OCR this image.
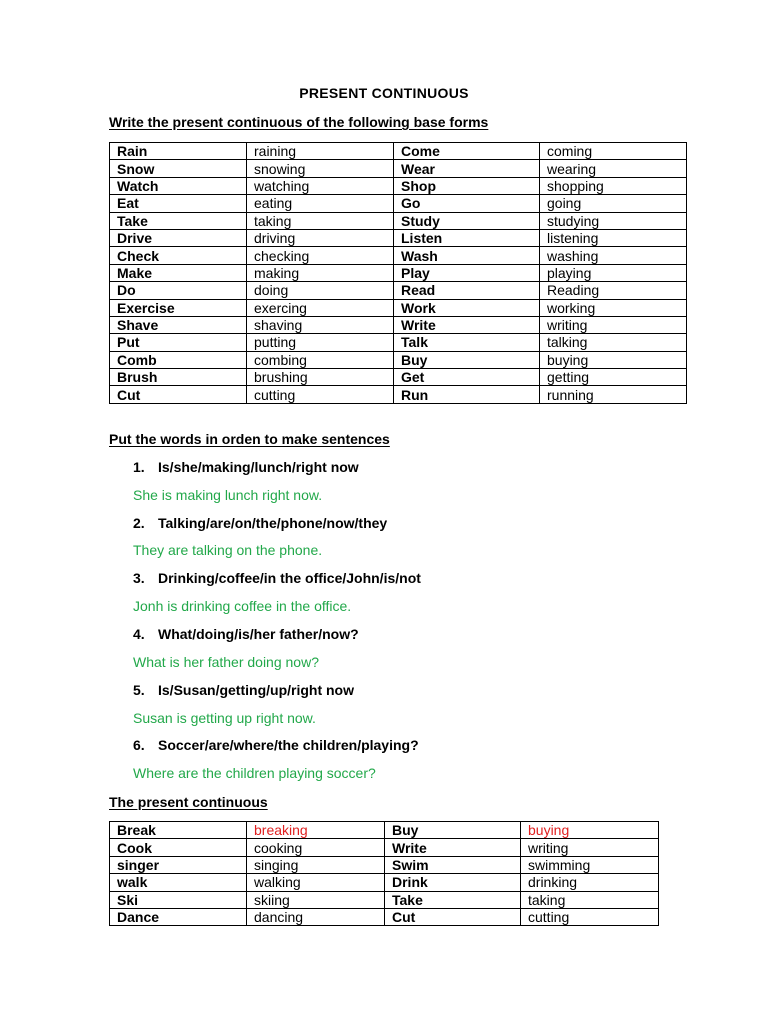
PRESENT CONTINUOUS
Write the present continuous of the following base forms
Rain	raining	Come	coming
Snow	snowing	Wear	wearing
Watch	watching	Shop	shopping
Eat	eating	Go	going
Take	taking	Study	studying
Drive	driving	Listen	listening
Check	checking	Wash	washing
Make	making	Play	playing
Do	doing	Read	Reading
Exercise	exercing	Work	working
Shave	shaving	Write	writing
Put	putting	Talk	talking
Comb	combing	Buy	buying
Brush	brushing	Get	getting
Cut	cutting	Run	running
Put the words in orden to make sentences
1. Is/she/making/lunch/right now
She is making lunch right now.
2. Talking/are/on/the/phone/now/they
They are talking on the phone.
3. Drinking/coffee/in the office/John/is/not
Jonh is drinking coffee in the office.
4. What/doing/is/her father/now?
What is her father doing now?
5. Is/Susan/getting/up/right now
Susan is getting up right now.
6. Soccer/are/where/the children/playing?
Where are the children playing soccer?
The present continuous
Break	breaking	Buy	buying
Cook	cooking	Write	writing
singer	singing	Swim	swimming
walk	walking	Drink	drinking
Ski	skiing	Take	taking
Dance	dancing	Cut	cutting
